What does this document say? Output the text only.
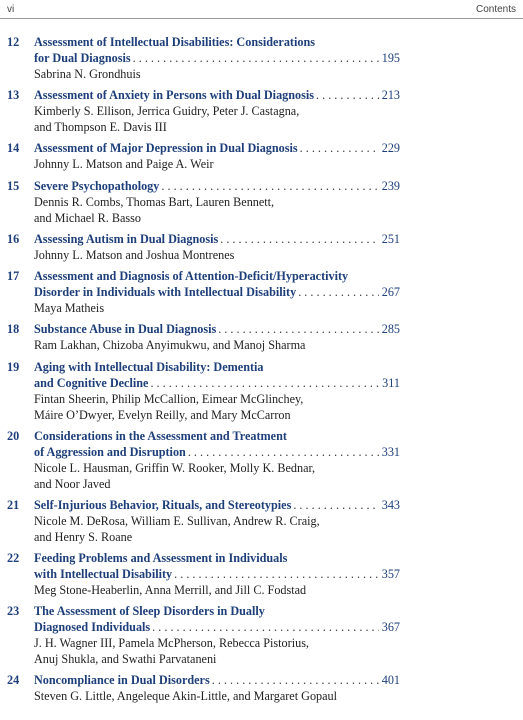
vi	Contents
12 Assessment of Intellectual Disabilities: Considerations
for Dual Diagnosis . . .	195
Sabrina N. Grondhuis
13 Assessment of Anxiety in Persons with Dual Diagnosis . . .	213
Kimberly S. Ellison, Jerrica Guidry, Peter J. Castagna,
and Thompson E. Davis III
14 Assessment of Major Depression in Dual Diagnosis . . .	229
Johnny L. Matson and Paige A. Weir
15 Severe Psychopathology . . .	239
Dennis R. Combs, Thomas Bart, Lauren Bennett,
and Michael R. Basso
16 Assessing Autism in Dual Diagnosis . . .	251
Johnny L. Matson and Joshua Montrenes
17 Assessment and Diagnosis of Attention-Deficit/Hyperactivity
Disorder in Individuals with Intellectual Disability . . .	267
Maya Matheis
18 Substance Abuse in Dual Diagnosis . . .	285
Ram Lakhan, Chizoba Anyimukwu, and Manoj Sharma
19 Aging with Intellectual Disability: Dementia
and Cognitive Decline . . .	311
Fintan Sheerin, Philip McCallion, Eimear McGlinchey,
Máire O’Dwyer, Evelyn Reilly, and Mary McCarron
20 Considerations in the Assessment and Treatment
of Aggression and Disruption . . .	331
Nicole L. Hausman, Griffin W. Rooker, Molly K. Bednar,
and Noor Javed
21 Self-Injurious Behavior, Rituals, and Stereotypies . . .	343
Nicole M. DeRosa, William E. Sullivan, Andrew R. Craig,
and Henry S. Roane
22 Feeding Problems and Assessment in Individuals
with Intellectual Disability . . .	357
Meg Stone-Heaberlin, Anna Merrill, and Jill C. Fodstad
23 The Assessment of Sleep Disorders in Dually
Diagnosed Individuals . . .	367
J. H. Wagner III, Pamela McPherson, Rebecca Pistorius,
Anuj Shukla, and Swathi Parvataneni
24 Noncompliance in Dual Disorders . . .	401
Steven G. Little, Angeleque Akin-Little, and Margaret Gopaul
